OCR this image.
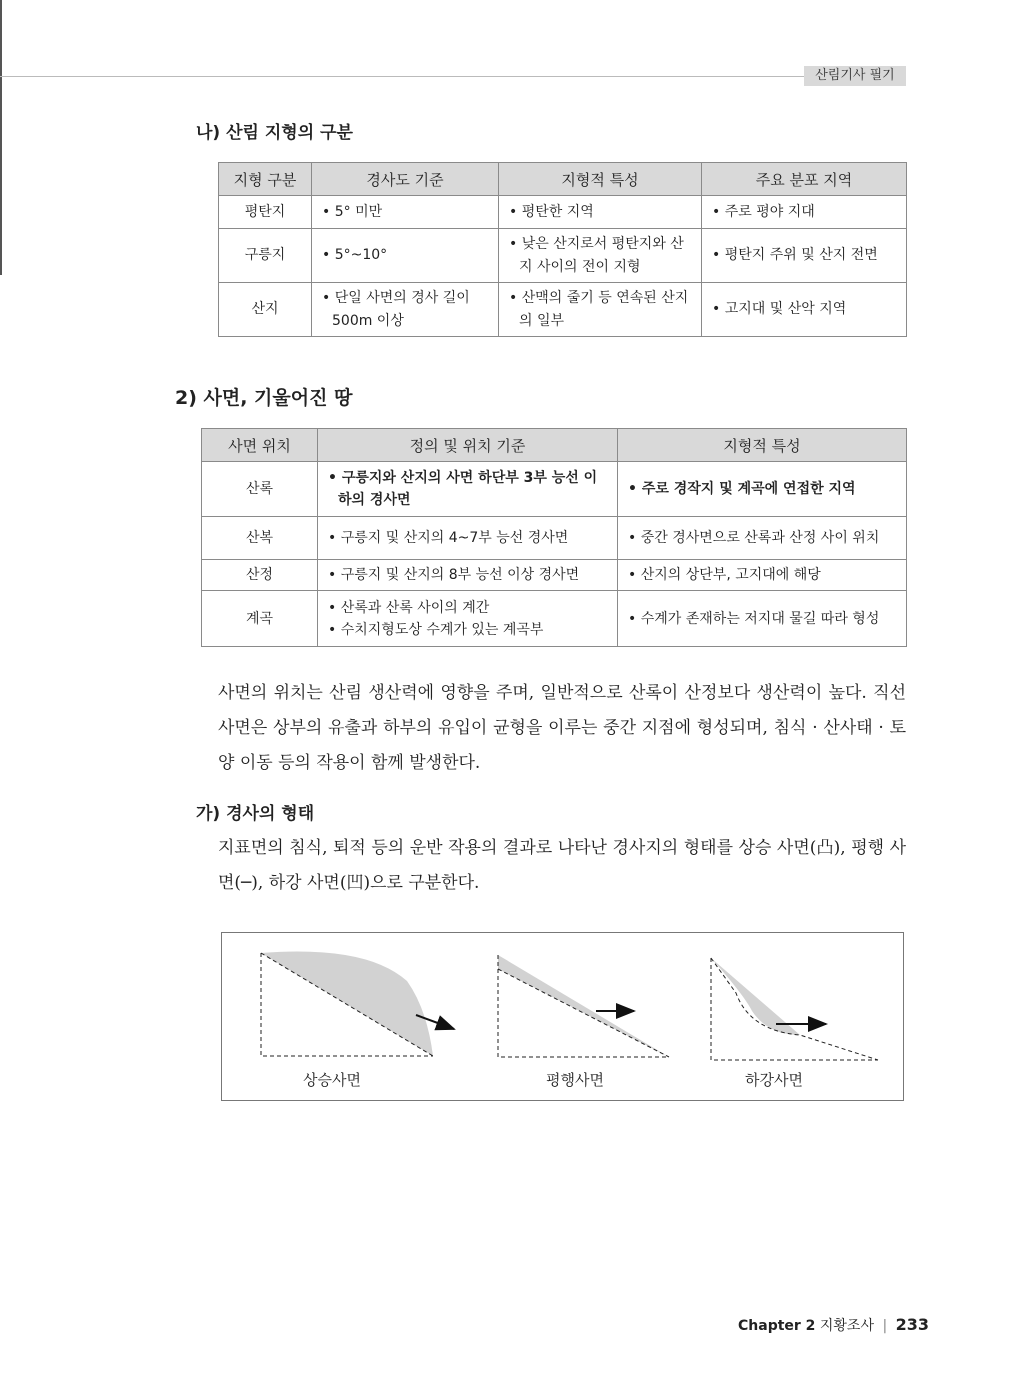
산림기사 필기
나) 산림 지형의 구분
지형 구분	경사도 기준	지형적 특성	주요 분포 지역
평탄지	• 5° 미만	• 평탄한 지역	• 주로 평야 지대

구릉지	• 5°~10°	• 낮은 산지로서 평탄지와 산지 사이의 전이 지형	• 평탄지 주위 및 산지 전면

산지	• 단일 사면의 경사 길이 500m 이상	• 산맥의 줄기 등 연속된 산지의 일부	• 고지대 및 산악 지역
2) 사면, 기울어진 땅
사면 위치	정의 및 위치 기준	지형적 특성
산록	• 구릉지와 산지의 사면 하단부 3부 능선 이하의 경사면	• 주로 경작지 및 계곡에 연접한 지역

산복	• 구릉지 및 산지의 4~7부 능선 경사면	• 중간 경사면으로 산록과 산정 사이 위치

산정	• 구릉지 및 산지의 8부 능선 이상 경사면	• 산지의 상단부, 고지대에 해당

계곡	• 산록과 산록 사이의 계간
• 수치지형도상 수계가 있는 계곡부	• 수계가 존재하는 저지대 물길 따라 형성

사면의 위치는 산림 생산력에 영향을 주며, 일반적으로 산록이 산정보다 생산력이 높다. 직선 사면은 상부의 유출과 하부의 유입이 균형을 이루는 중간 지점에 형성되며, 침식 · 산사태 · 토양 이동 등의 작용이 함께 발생한다.

가) 경사의 형태

지표면의 침식, 퇴적 등의 운반 작용의 결과로 나타난 경사지의 형태를 상승 사면(凸), 평행 사면(─), 하강 사면(凹)으로 구분한다.

상승사면	평행사면	하강사면
Chapter 2 지황조사 | 233
